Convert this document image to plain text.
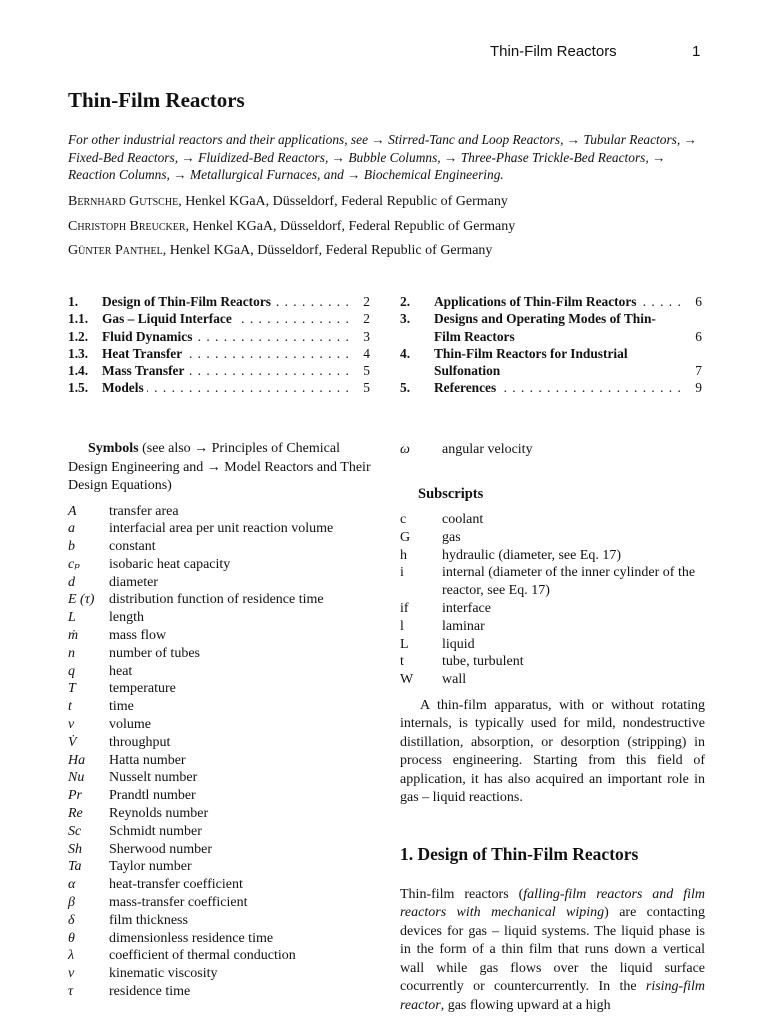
Thin-Film Reactors	1
Thin-Film Reactors
For other industrial reactors and their applications, see → Stirred-Tanc and Loop Reactors, → Tubular Reactors, → Fixed-Bed Reactors, → Fluidized-Bed Reactors, → Bubble Columns, → Three-Phase Trickle-Bed Reactors, → Reaction Columns, → Metallurgical Furnaces, and → Biochemical Engineering.
Bernhard Gutsche, Henkel KGaA, Düsseldorf, Federal Republic of Germany
Christoph Breucker, Henkel KGaA, Düsseldorf, Federal Republic of Germany
Günter Panthel, Henkel KGaA, Düsseldorf, Federal Republic of Germany
1. Design of Thin-Film Reactors . . .	2
1.1. Gas – Liquid Interface . . .	2
1.2. Fluid Dynamics . . .	3
1.3. Heat Transfer . . .	4
1.4. Mass Transfer . . .	5
1.5. Models . . .	5
2. Applications of Thin-Film Reactors . . .	6
3. Designs and Operating Modes of Thin-Film Reactors	6
4. Thin-Film Reactors for Industrial Sulfonation	7
5. References . . .	9

Symbols (see also → Principles of Chemical Design Engineering and → Model Reactors and Their Design Equations)

A transfer area
a interfacial area per unit reaction volume
b constant
cₚ isobaric heat capacity
d diameter
E (τ) distribution function of residence time
L length
ṁ mass flow
n number of tubes
q heat
T temperature
t	time
v volume
V̇ throughput
Ha Hatta number
Nu Nusselt number
Pr Prandtl number
Re Reynolds number
Sc Schmidt number
Sh Sherwood number
Ta Taylor number
α heat-transfer coefficient
β mass-transfer coefficient
δ film thickness
θ dimensionless residence time
λ coefficient of thermal conduction
ν kinematic viscosity
τ	residence time
ω angular velocity
Subscripts
c	coolant
G gas
h	hydraulic (diameter, see Eq. 17)
i	internal (diameter of the inner cylinder of the reactor, see Eq. 17)
if interface
l	laminar
L liquid
t	tube, turbulent
W wall

A thin-film apparatus, with or without rotating internals, is typically used for mild, nondestructive distillation, absorption, or desorption (stripping) in process engineering. Starting from this field of application, it has also acquired an important role in gas – liquid reactions.

1. Design of Thin-Film Reactors

Thin-film reactors (falling-film reactors and film reactors with mechanical wiping) are contacting devices for gas – liquid systems. The liquid phase is in the form of a thin film that runs down a vertical wall while gas flows over the liquid surface cocurrently or countercurrently. In the rising-film reactor, gas flowing upward at a high
